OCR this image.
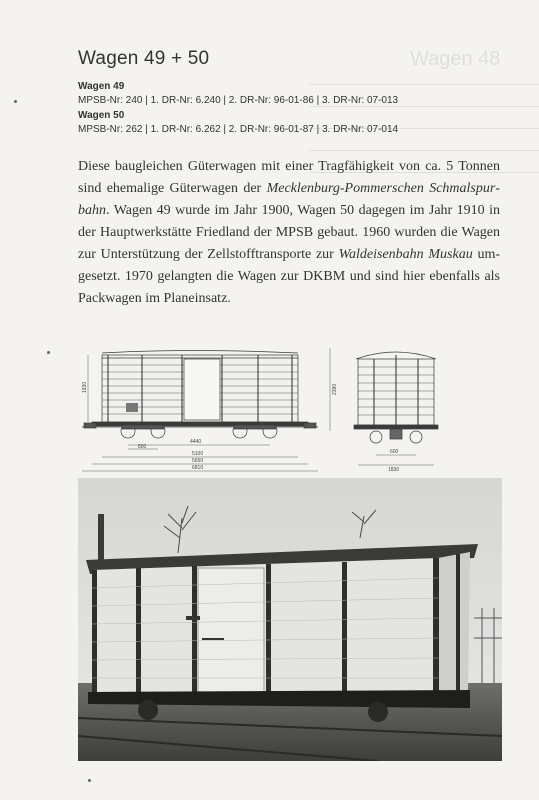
Wagen 48
Wagen 49 + 50
Wagen 49
MPSB-Nr: 240 | 1. DR-Nr: 6.240 | 2. DR-Nr: 96-01-86 | 3. DR-Nr: 07-013
Wagen 50
MPSB-Nr: 262 | 1. DR-Nr: 6.262 | 2. DR-Nr: 96-01-87 | 3. DR-Nr: 07-014
Diese baugleichen Güterwagen mit einer Tragfähigkeit von ca. 5 Tonnen sind ehemalige Güterwagen der Mecklenburg-Pommerschen Schmalspurbahn. Wagen 49 wurde im Jahr 1900, Wagen 50 dagegen im Jahr 1910 in der Hauptwerkstätte Friedland der MPSB gebaut. 1960 wurden die Wagen zur Unterstützung der Zellstofftransporte zur Waldeisenbahn Muskau umgesetzt. 1970 gelangten die Wagen zur DKBM und sind hier ebenfalls als Packwagen im Planeinsatz.
1930	2380
800
4440
5100
5650
6810
600
1830
